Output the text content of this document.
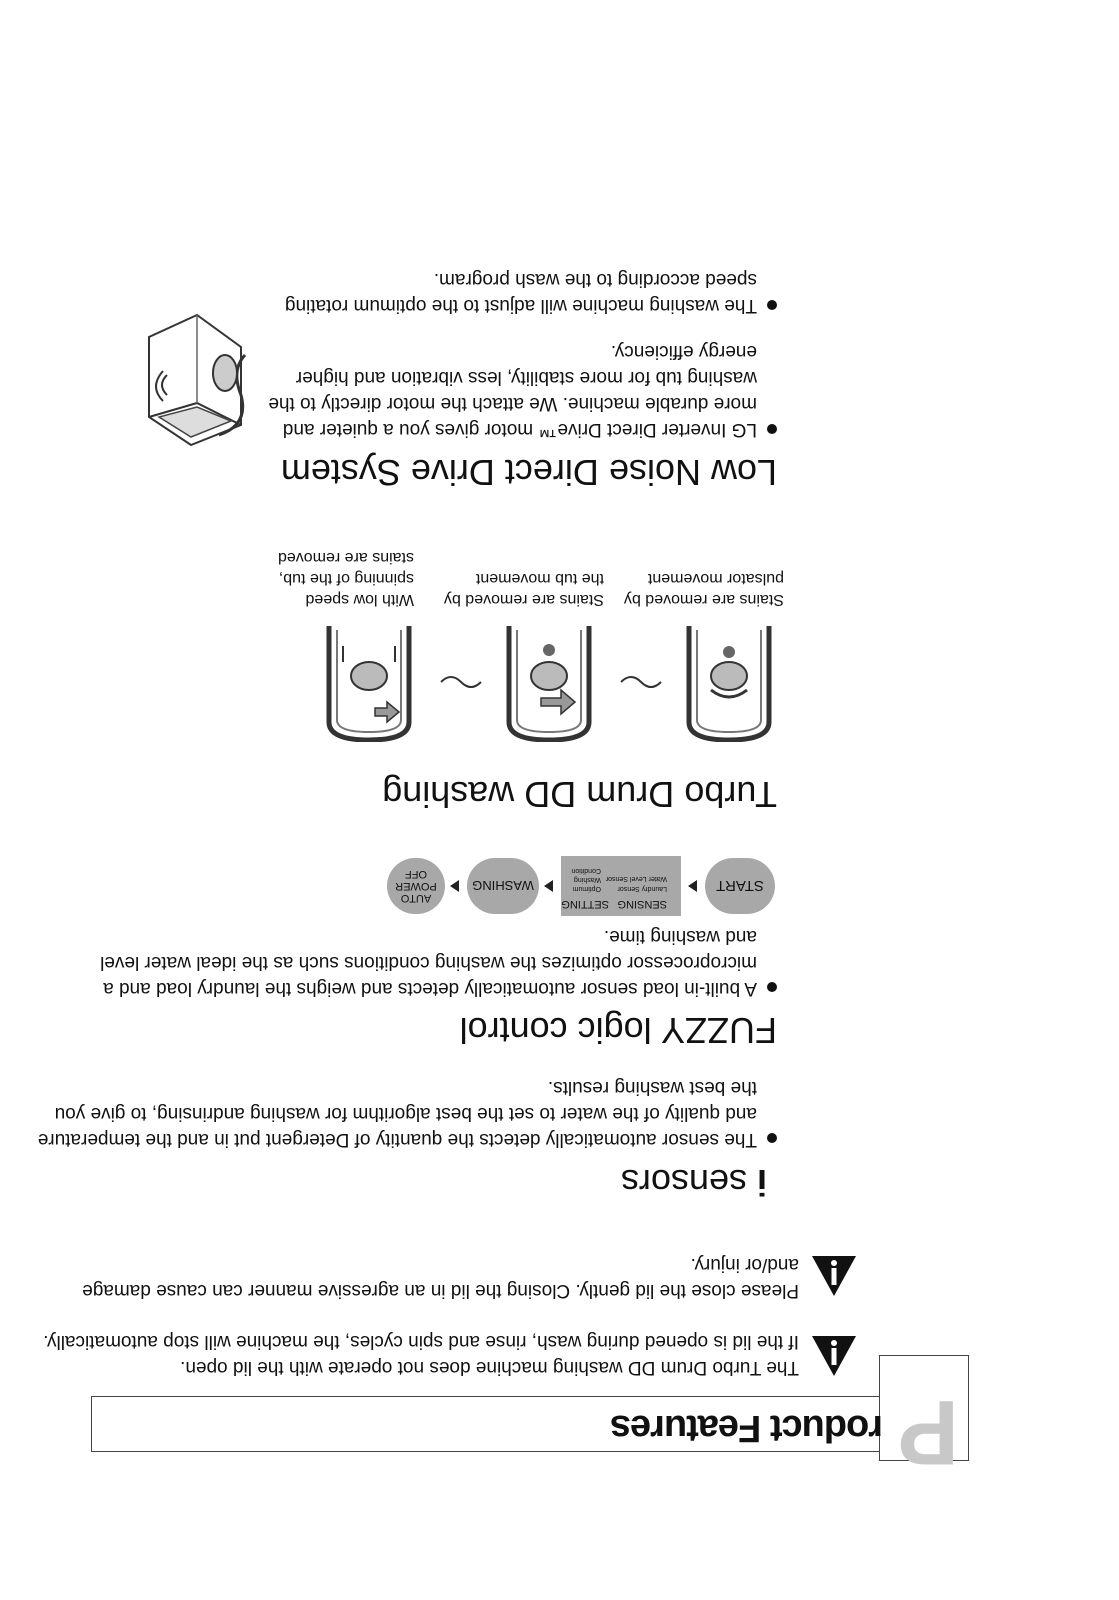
P
roduct Features
The Turbo Drum DD washing machine does not operate with the lid open.
If the lid is opened during wash, rinse and spin cycles, the machine will stop automatically.
Please close the lid gently. Closing the lid in an agressive manner can cause damage
and/or injury.
i
sensors
The sensor automatically detects the quantity of Detergent put in and the temperature
and quality of the water to set the best algorithm for washing andrinsing, to give you
the best washing results.
FUZZY logic control
A built-in load sensor automatically detects and weighs the laundry load and a
microprocessor optimizes the washing conditions such as the ideal water level
and washing time.
START
SENSING
SETTING
Laundry Sensor
Water Level Sensor
Optimum
Washing
Condition
WASHING
AUTO
POWER
OFF
Turbo Drum DD washing
Stains are removed by
pulsator movement
Stains are removed by
the tub movement
With low speed
spinning of the tub,
stains are removed
Low Noise Direct Drive System
LG Inverter Direct Drive™ motor gives you a quieter and
more durable machine. We attach the motor directly to the
washing tub for more stability, less vibration and higher
energy efficiency.
The washing machine will adjust to the optimum rotating
speed according to the wash program.
